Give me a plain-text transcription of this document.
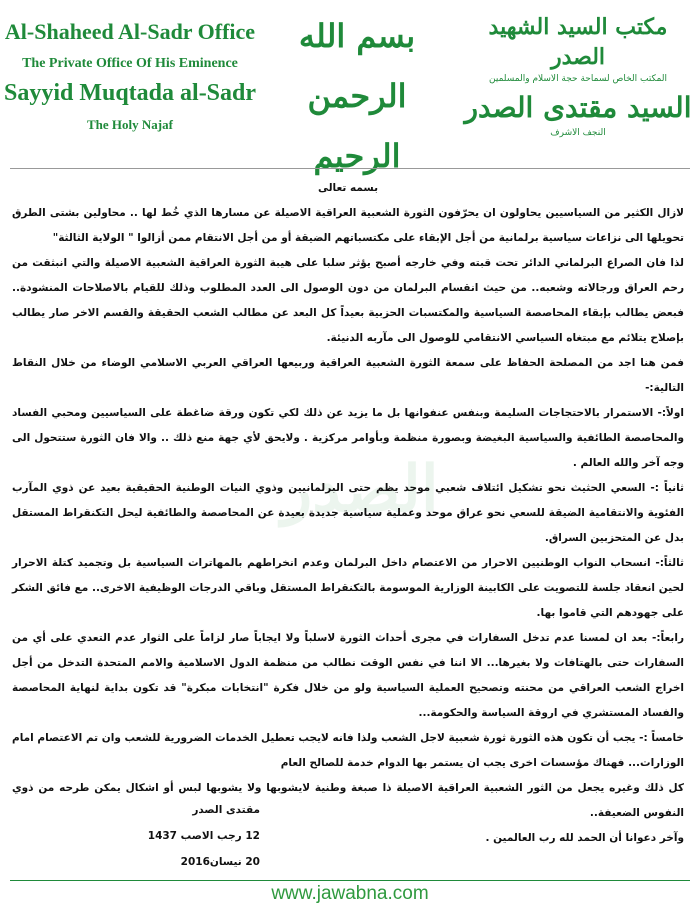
Al-Shaheed Al-Sadr Office
The Private Office Of His Eminence
Sayyid Muqtada al-Sadr
The Holy Najaf
بسم الله الرحمن الرحيم
مكتب السيد الشهيد الصدر
المكتب الخاص لسماحة حجة الاسلام والمسلمين
السيد مقتدى الصدر
النجف الاشرف
الصدر
بسمه تعالى

لازال الكثير من السياسيين يحاولون ان يحرّفون الثورة الشعبية العراقية الاصيلة عن مسارها الذي خُط لها .. محاولين بشتى الطرق تحويلها الى نزاعات سياسية برلمانية من أجل الإبقاء على مكتسباتهم الضيقة أو من أجل الانتقام ممن أزالوا " الولاية الثالثة"

لذا فان الصراع البرلماني الدائر تحت قبته وفي خارجه أصبح يؤثر سلبا على هيبة الثورة العراقية الشعبية الاصيلة والتي انبثقت من رحم العراق ورجالاته وشعبه.. من حيث انقسام البرلمان من دون الوصول الى العدد المطلوب وذلك للقيام بالاصلاحات المنشودة.. فبعض يطالب بإبقاء المحاصصة السياسية والمكتسبات الحزبية بعيداً كل البعد عن مطالب الشعب الحقيقة والقسم الاخر صار يطالب بإصلاح يتلائم مع مبتغاه السياسي الانتقامي للوصول الى مآربه الدنيئة.

فمن هنا اجد من المصلحة الحفاظ على سمعة الثورة الشعبية العراقية وربيعها العراقي العربي الاسلامي الوضاء من خلال النقاط التالية:-

اولاً:- الاستمرار بالاحتجاجات السليمة وبنفس عنفوانها بل ما يزيد عن ذلك لكي تكون ورقة ضاغطة على السياسيين ومحبي الفساد والمحاصصة الطائفية والسياسية البغيضة وبصورة منظمة وبأوامر مركزية . ولايحق لأي جهة منع ذلك .. والا فان الثورة ستتحول الى وجه آخر والله العالم .

ثانياً :- السعي الحثيث نحو تشكيل ائتلاف شعبي موحد يظم حتى البرلمانيين وذوي النيات الوطنية الحقيقية بعيد عن ذوي المآرب الفئوية والانتقامية الضيقة للسعي نحو عراق موحد وعملية سياسية جديدة بعيدة عن المحاصصة والطائفية ليحل التكنقراط المستقل بدل عن المتحزبين السراق.

ثالثاً:- انسحاب النواب الوطنيين الاحرار من الاعتصام داخل البرلمان وعدم انخراطهم بالمهاترات السياسية بل وتجميد كتلة الاحرار لحين انعقاد جلسة للتصويت على الكابينة الوزارية الموسومة بالتكنقراط المستقل وباقي الدرجات الوظيفية الاخرى.. مع فائق الشكر على جهودهم التي قاموا بها.

رابعاً:- بعد ان لمسنا عدم تدخل السفارات في مجرى أحداث الثورة لاسلباً ولا ايجاباً صار لزاماً على الثوار عدم التعدي على أي من السفارات حتى بالهتافات ولا بغيرها... الا اننا في نفس الوقت نطالب من منظمة الدول الاسلامية والامم المتحدة التدخل من أجل اخراج الشعب العراقي من محنته وتصحيح العملية السياسية ولو من خلال فكرة "انتخابات مبكرة" قد تكون بداية لنهاية المحاصصة والفساد المستشري في اروقة السياسة والحكومة...

خامساً :- يجب أن تكون هذه الثورة ثورة شعبية لاجل الشعب ولذا فانه لايجب تعطيل الخدمات الضرورية للشعب وان تم الاعتصام امام الوزارات... فهناك مؤسسات اخرى يجب ان يستمر بها الدوام خدمة للصالح العام

كل ذلك وغيره يجعل من الثور الشعبية العراقية الاصيلة ذا صبغة وطنية لايشوبها ولا يشوبها لبس أو اشكال يمكن طرحه من ذوي النفوس الضعيفة..

وآخر دعوانا أن الحمد لله رب العالمين .

مقتدى الصدر
12 رجب الاصب 1437
20 نيسان2016
www.jawabna.com
